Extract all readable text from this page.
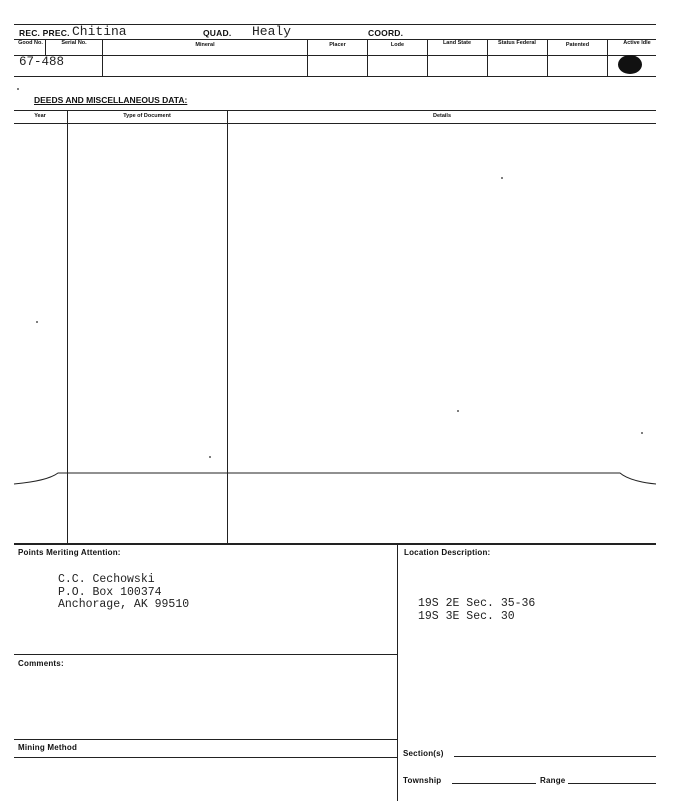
REC. PREC. Chitina	QUAD. Healy	COORD.
Good No.	Serial No.	Mineral	Placer	Lode	Land State	Status Federal	Patented	Active Idle
67-488
DEEDS AND MISCELLANEOUS DATA:
Year	Type of Document	Details
Points Meriting Attention:
C.C. Cechowski
P.O. Box 100374
Anchorage, AK 99510
Location Description:
19S 2E Sec. 35-36
19S 3E Sec. 30
Comments:
Mining Method
Section(s)
Township	Range
